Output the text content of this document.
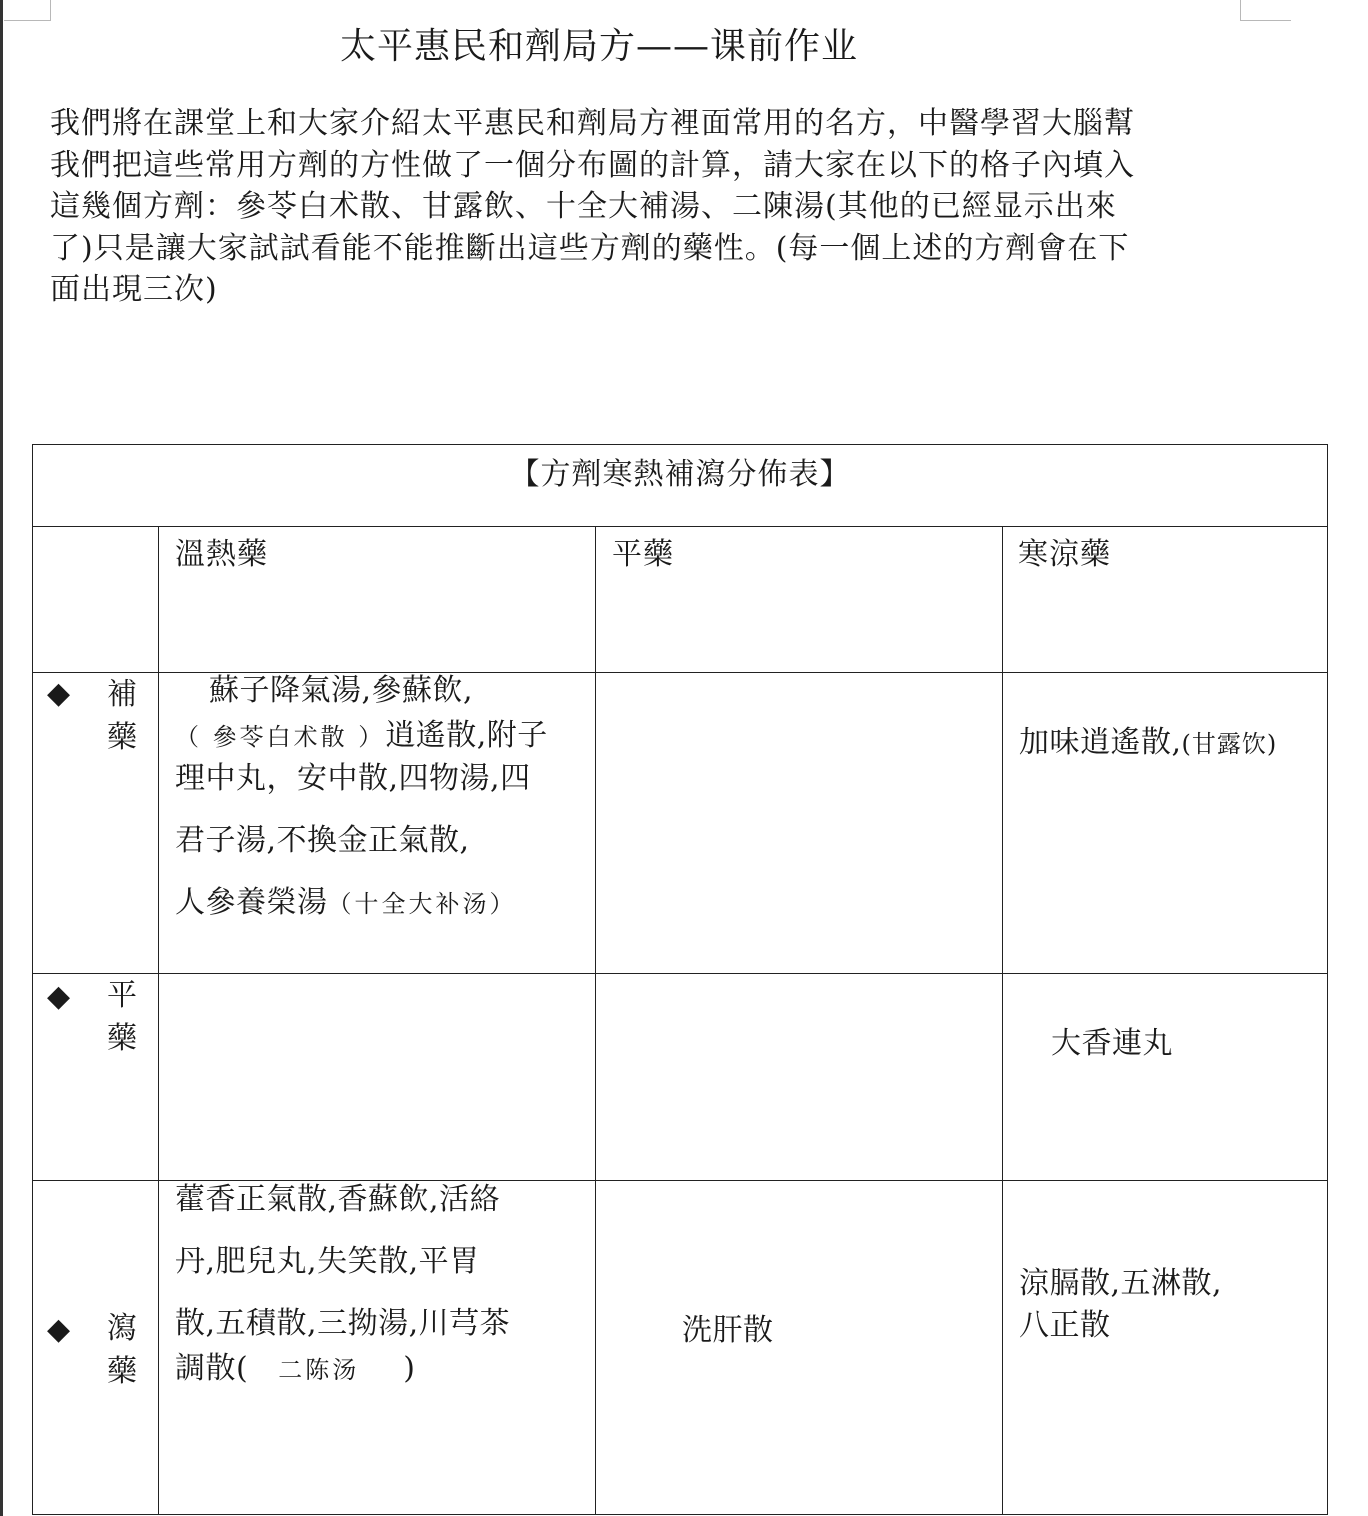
太平惠民和劑局方——课前作业
我們將在課堂上和大家介紹太平惠民和劑局方裡面常用的名方，中醫學習大腦幫
我們把這些常用方劑的方性做了一個分布圖的計算，請大家在以下的格子內填入
這幾個方劑：參苓白术散、甘露飲、十全大補湯、二陳湯(其他的已經显示出來
了)只是讓大家試試看能不能推斷出這些方劑的藥性。(每一個上述的方劑會在下
面出現三次)
【方劑寒熱補瀉分佈表】			

	溫熱藥	平藥	寒涼藥

◆ 補藥	蘇子降氣湯,參蘇飲,
（ 參苓白术散 ）逍遙散,附子
理中丸，安中散,四物湯,四
君子湯,不換金正氣散,
人參養榮湯（十全大补汤）		加味逍遙散,(甘露饮)

◆ 平藥			大香連丸

◆ 瀉藥	藿香正氣散,香蘇飲,活絡
丹,肥兒丸,失笑散,平胃
散,五積散,三拗湯,川芎茶
調散( 二陈汤 )	洗肝散	涼膈散,五淋散,
八正散
